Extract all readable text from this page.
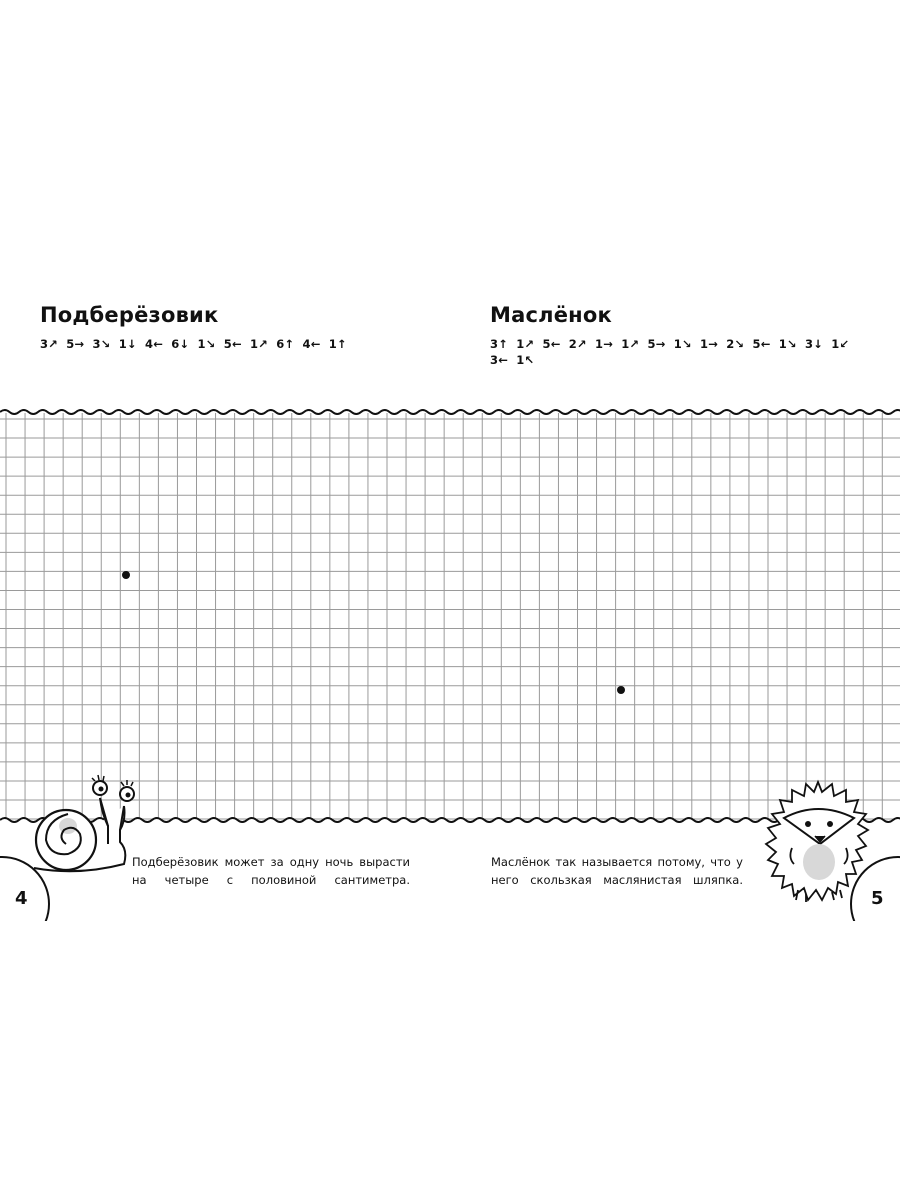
Подберёзовик	Маслёнок
3↗ 5→ 3↘ 1↓ 4← 6↓ 1↘ 5← 1↗ 6↑ 4← 1↑	3↑ 1↗ 5← 2↗ 1→ 1↗ 5→ 1↘ 1→ 2↘ 5← 1↘ 3↓ 1↙
3← 1↖
Подберёзовик может за одну ночь вырасти на четыре с половиной сантиметра.
Маслёнок так называется потому, что у него скользкая маслянистая шляпка.
4	5
